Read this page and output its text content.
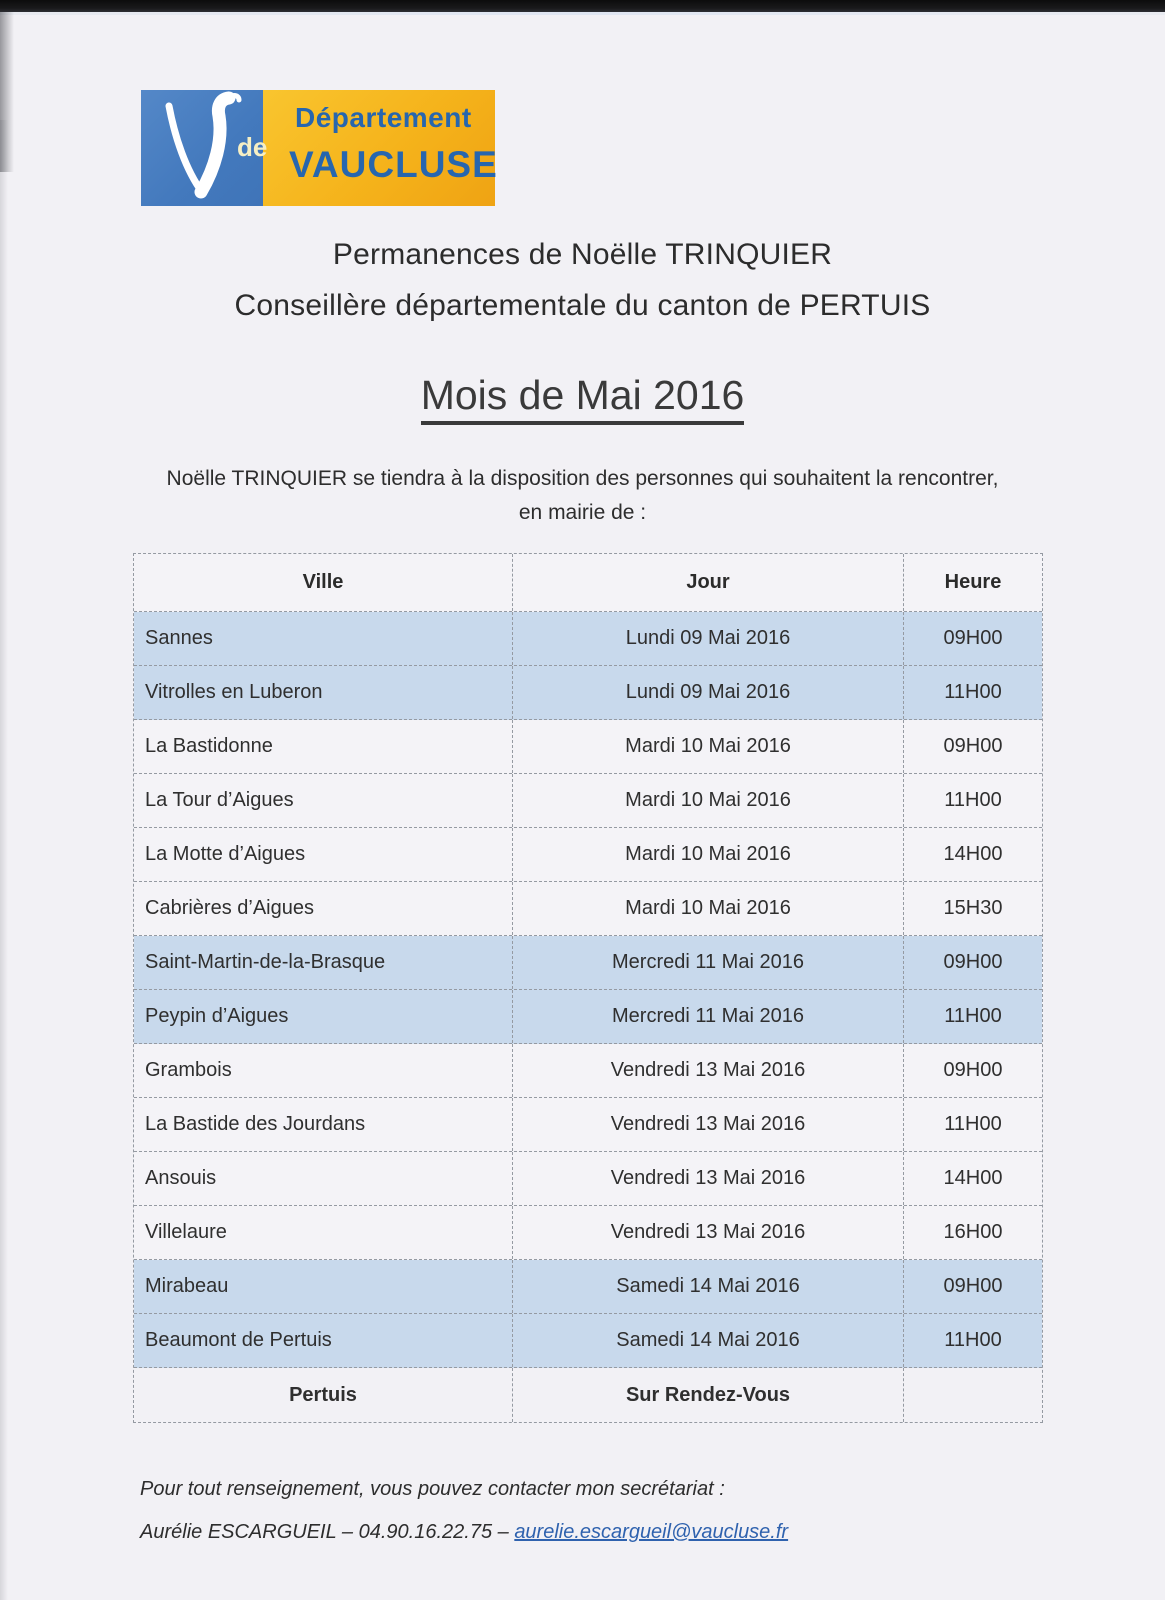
de
Département
VAUCLUSE
Permanences de Noëlle TRINQUIER
Conseillère départementale du canton de PERTUIS
Mois de Mai 2016
Noëlle TRINQUIER se tiendra à la disposition des personnes qui souhaitent la rencontrer,
en mairie de :
Ville	Jour	Heure
Sannes	Lundi 09 Mai 2016	09H00
Vitrolles en Luberon	Lundi 09 Mai 2016	11H00
La Bastidonne	Mardi 10 Mai 2016	09H00
La Tour d’Aigues	Mardi 10 Mai 2016	11H00
La Motte d’Aigues	Mardi 10 Mai 2016	14H00
Cabrières d’Aigues	Mardi 10 Mai 2016	15H30
Saint-Martin-de-la-Brasque	Mercredi 11 Mai 2016	09H00
Peypin d’Aigues	Mercredi 11 Mai 2016	11H00
Grambois	Vendredi 13 Mai 2016	09H00
La Bastide des Jourdans	Vendredi 13 Mai 2016	11H00
Ansouis	Vendredi 13 Mai 2016	14H00
Villelaure	Vendredi 13 Mai 2016	16H00
Mirabeau	Samedi 14 Mai 2016	09H00
Beaumont de Pertuis	Samedi 14 Mai 2016	11H00
Pertuis	Sur Rendez-Vous
Pour tout renseignement, vous pouvez contacter mon secrétariat :
Aurélie ESCARGUEIL – 04.90.16.22.75 – aurelie.escargueil@vaucluse.fr
